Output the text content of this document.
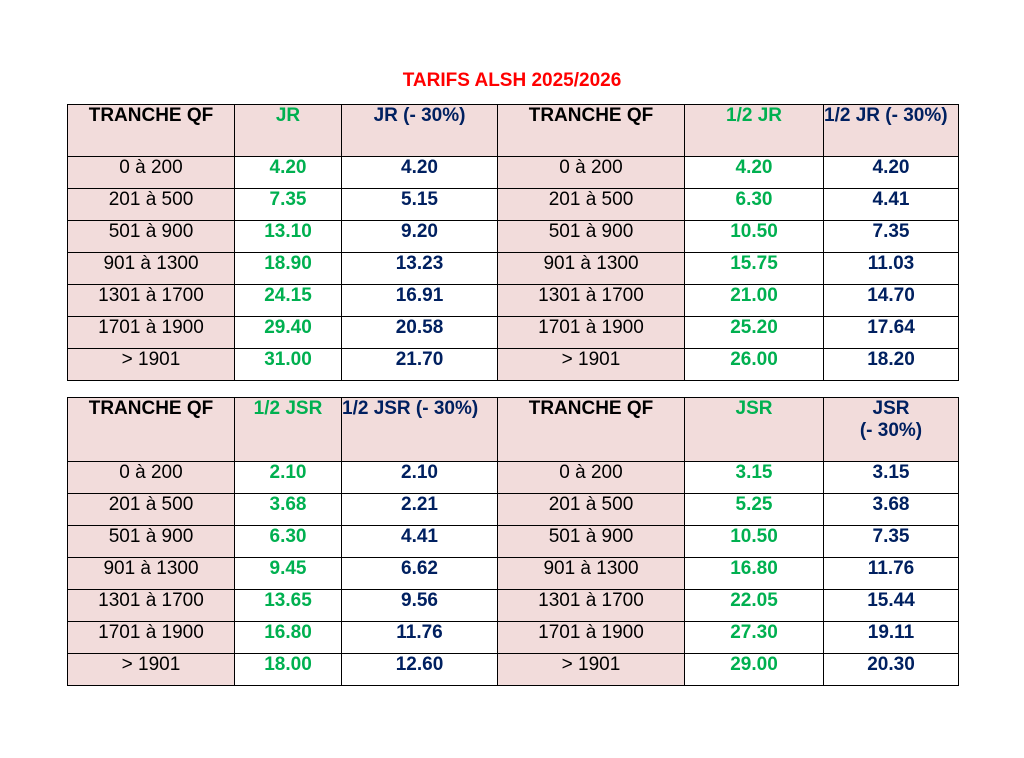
TARIFS ALSH 2025/2026
TRANCHE QF	JR	JR (- 30%)	TRANCHE QF	1/2 JR	1/2 JR (- 30%)
0 à 200	4.20	4.20	0 à 200	4.20	4.20
201 à 500	7.35	5.15	201 à 500	6.30	4.41
501 à 900	13.10	9.20	501 à 900	10.50	7.35
901 à 1300	18.90	13.23	901 à 1300	15.75	11.03
1301 à 1700	24.15	16.91	1301 à 1700	21.00	14.70
1701 à 1900	29.40	20.58	1701 à 1900	25.20	17.64
> 1901	31.00	21.70	> 1901	26.00	18.20
TRANCHE QF	1/2 JSR	1/2 JSR (- 30%)	TRANCHE QF	JSR	JSR
(- 30%)
0 à 200	2.10	2.10	0 à 200	3.15	3.15
201 à 500	3.68	2.21	201 à 500	5.25	3.68
501 à 900	6.30	4.41	501 à 900	10.50	7.35
901 à 1300	9.45	6.62	901 à 1300	16.80	11.76
1301 à 1700	13.65	9.56	1301 à 1700	22.05	15.44
1701 à 1900	16.80	11.76	1701 à 1900	27.30	19.11
> 1901	18.00	12.60	> 1901	29.00	20.30
